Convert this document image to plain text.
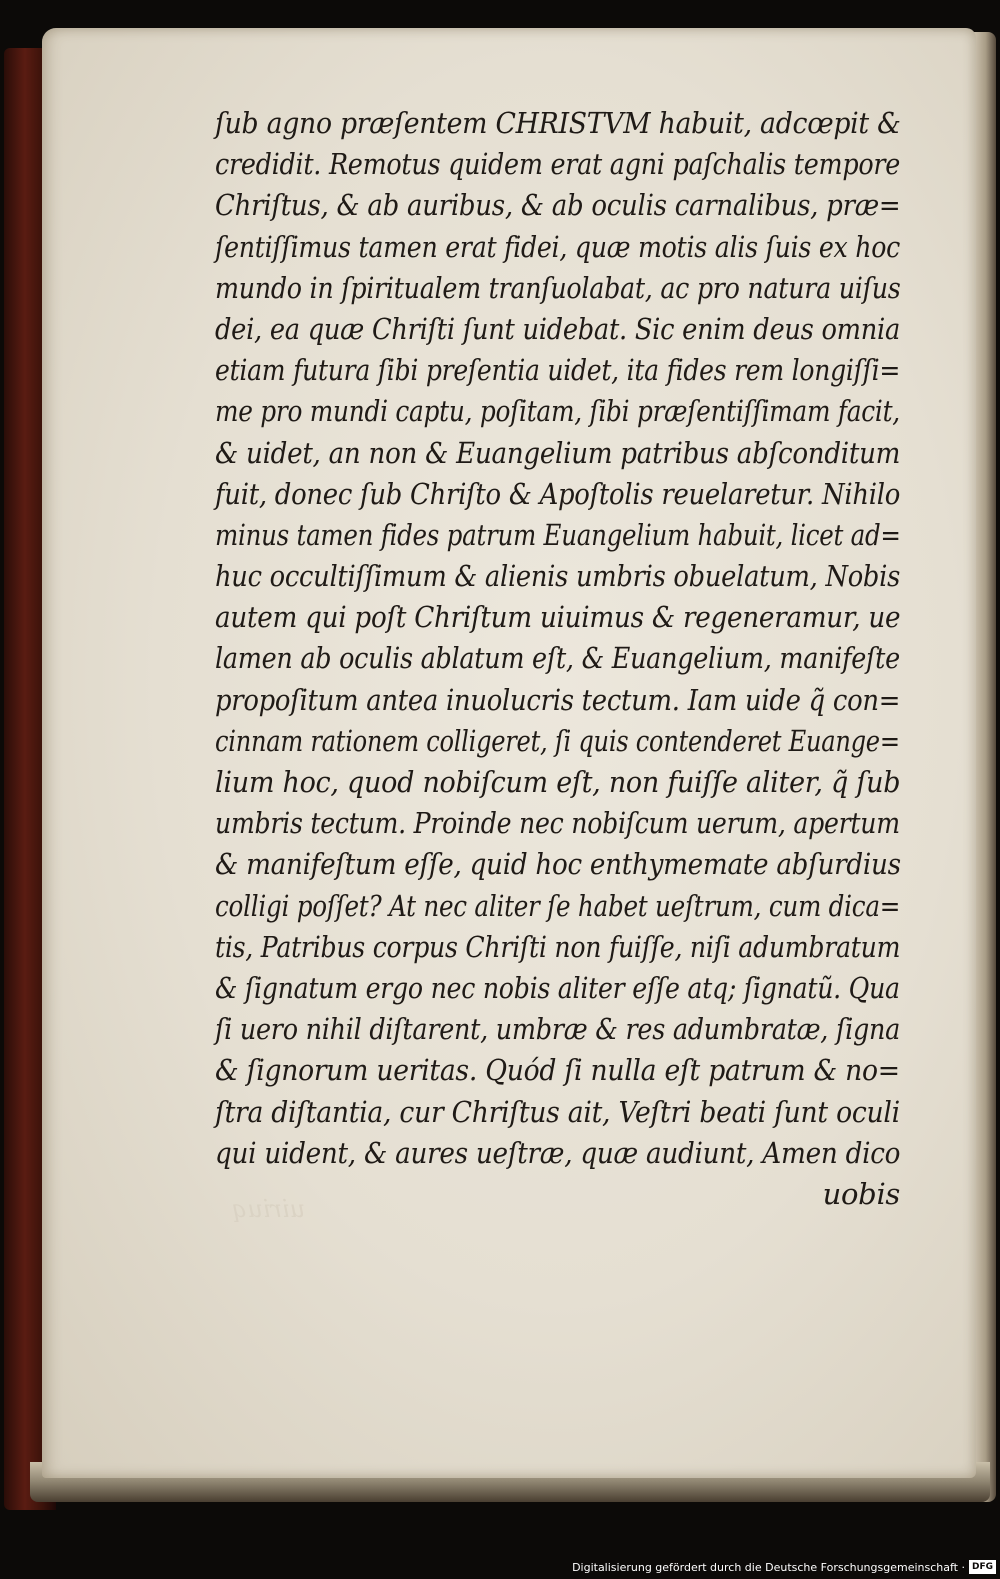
ſub agno præſentem CHRISTVM habuit, adcœpit &
credidit. Remotus quidem erat agni paſchalis tempore
Chriſtus, & ab auribus, & ab oculis carnalibus, præ=
ſentiſſimus tamen erat fidei, quæ motis alis ſuis ex hoc
mundo in ſpiritualem tranſuolabat, ac pro natura uiſus
dei, ea quæ Chriſti ſunt uidebat. Sic enim deus omnia
etiam futura ſibi preſentia uidet, ita fides rem longiſſi=
me pro mundi captu, poſitam, ſibi præſentiſſimam facit,
& uidet, an non & Euangelium patribus abſconditum
fuit, donec ſub Chriſto & Apoſtolis reuelaretur. Nihilo
minus tamen fides patrum Euangelium habuit, licet ad=
huc occultiſſimum & alienis umbris obuelatum, Nobis
autem qui poſt Chriſtum uiuimus & regeneramur, ue
lamen ab oculis ablatum eſt, & Euangelium, manifeſte
propoſitum antea inuolucris tectum. Iam uide q̃ con=
cinnam rationem colligeret, ſi quis contenderet Euange=
lium hoc, quod nobiſcum eſt, non fuiſſe aliter, q̃ ſub
umbris tectum. Proinde nec nobiſcum uerum, apertum
& manifeſtum eſſe, quid hoc enthymemate abſurdius
colligi poſſet? At nec aliter ſe habet ueſtrum, cum dica=
tis, Patribus corpus Chriſti non fuiſſe, niſi adumbratum
& ſignatum ergo nec nobis aliter eſſe atq; ſignatũ. Qua
ſi uero nihil diſtarent, umbræ & res adumbratæ, ſigna
& ſignorum ueritas. Quód ſi nulla eſt patrum & no=
ſtra diſtantia, cur Chriſtus ait, Veſtri beati ſunt oculi
qui uident, & aures ueſtræ, quæ audiunt, Amen dico
uobis
uiriuq
Digitalisierung gefördert durch die Deutsche Forschungsgemeinschaft · DFG
